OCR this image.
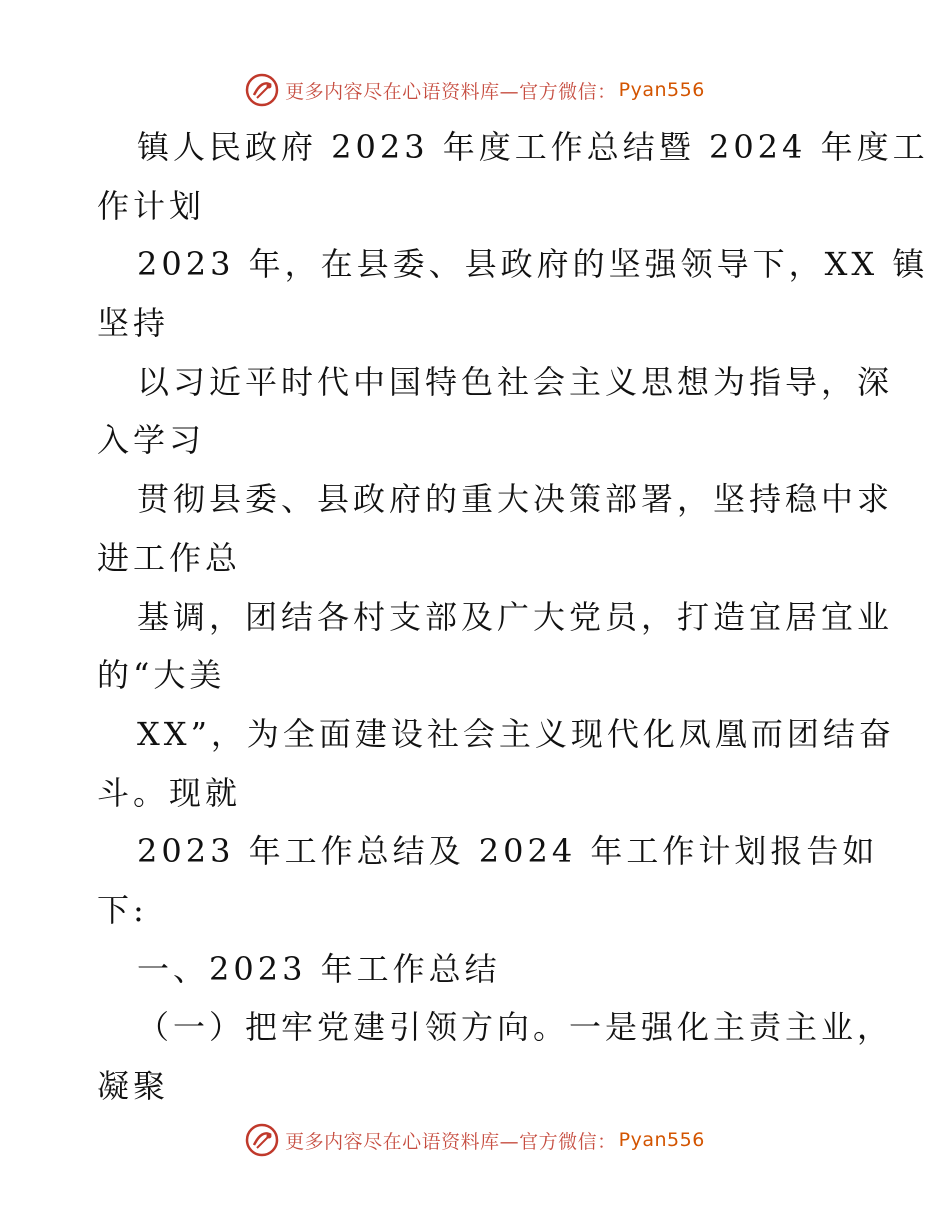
更多内容尽在心语资料库—官方微信： Pyan556
镇人民政府 2023 年度工作总结暨 2024 年度工
作计划
2023 年，在县委、县政府的坚强领导下，XX 镇
坚持
以习近平时代中国特色社会主义思想为指导，深
入学习
贯彻县委、县政府的重大决策部署，坚持稳中求
进工作总
基调，团结各村支部及广大党员，打造宜居宜业
的“大美
XX”，为全面建设社会主义现代化凤凰而团结奋
斗。现就
2023 年工作总结及 2024 年工作计划报告如
下:
一、2023 年工作总结
（一）把牢党建引领方向。一是强化主责主业，
凝聚
更多内容尽在心语资料库—官方微信： Pyan556
